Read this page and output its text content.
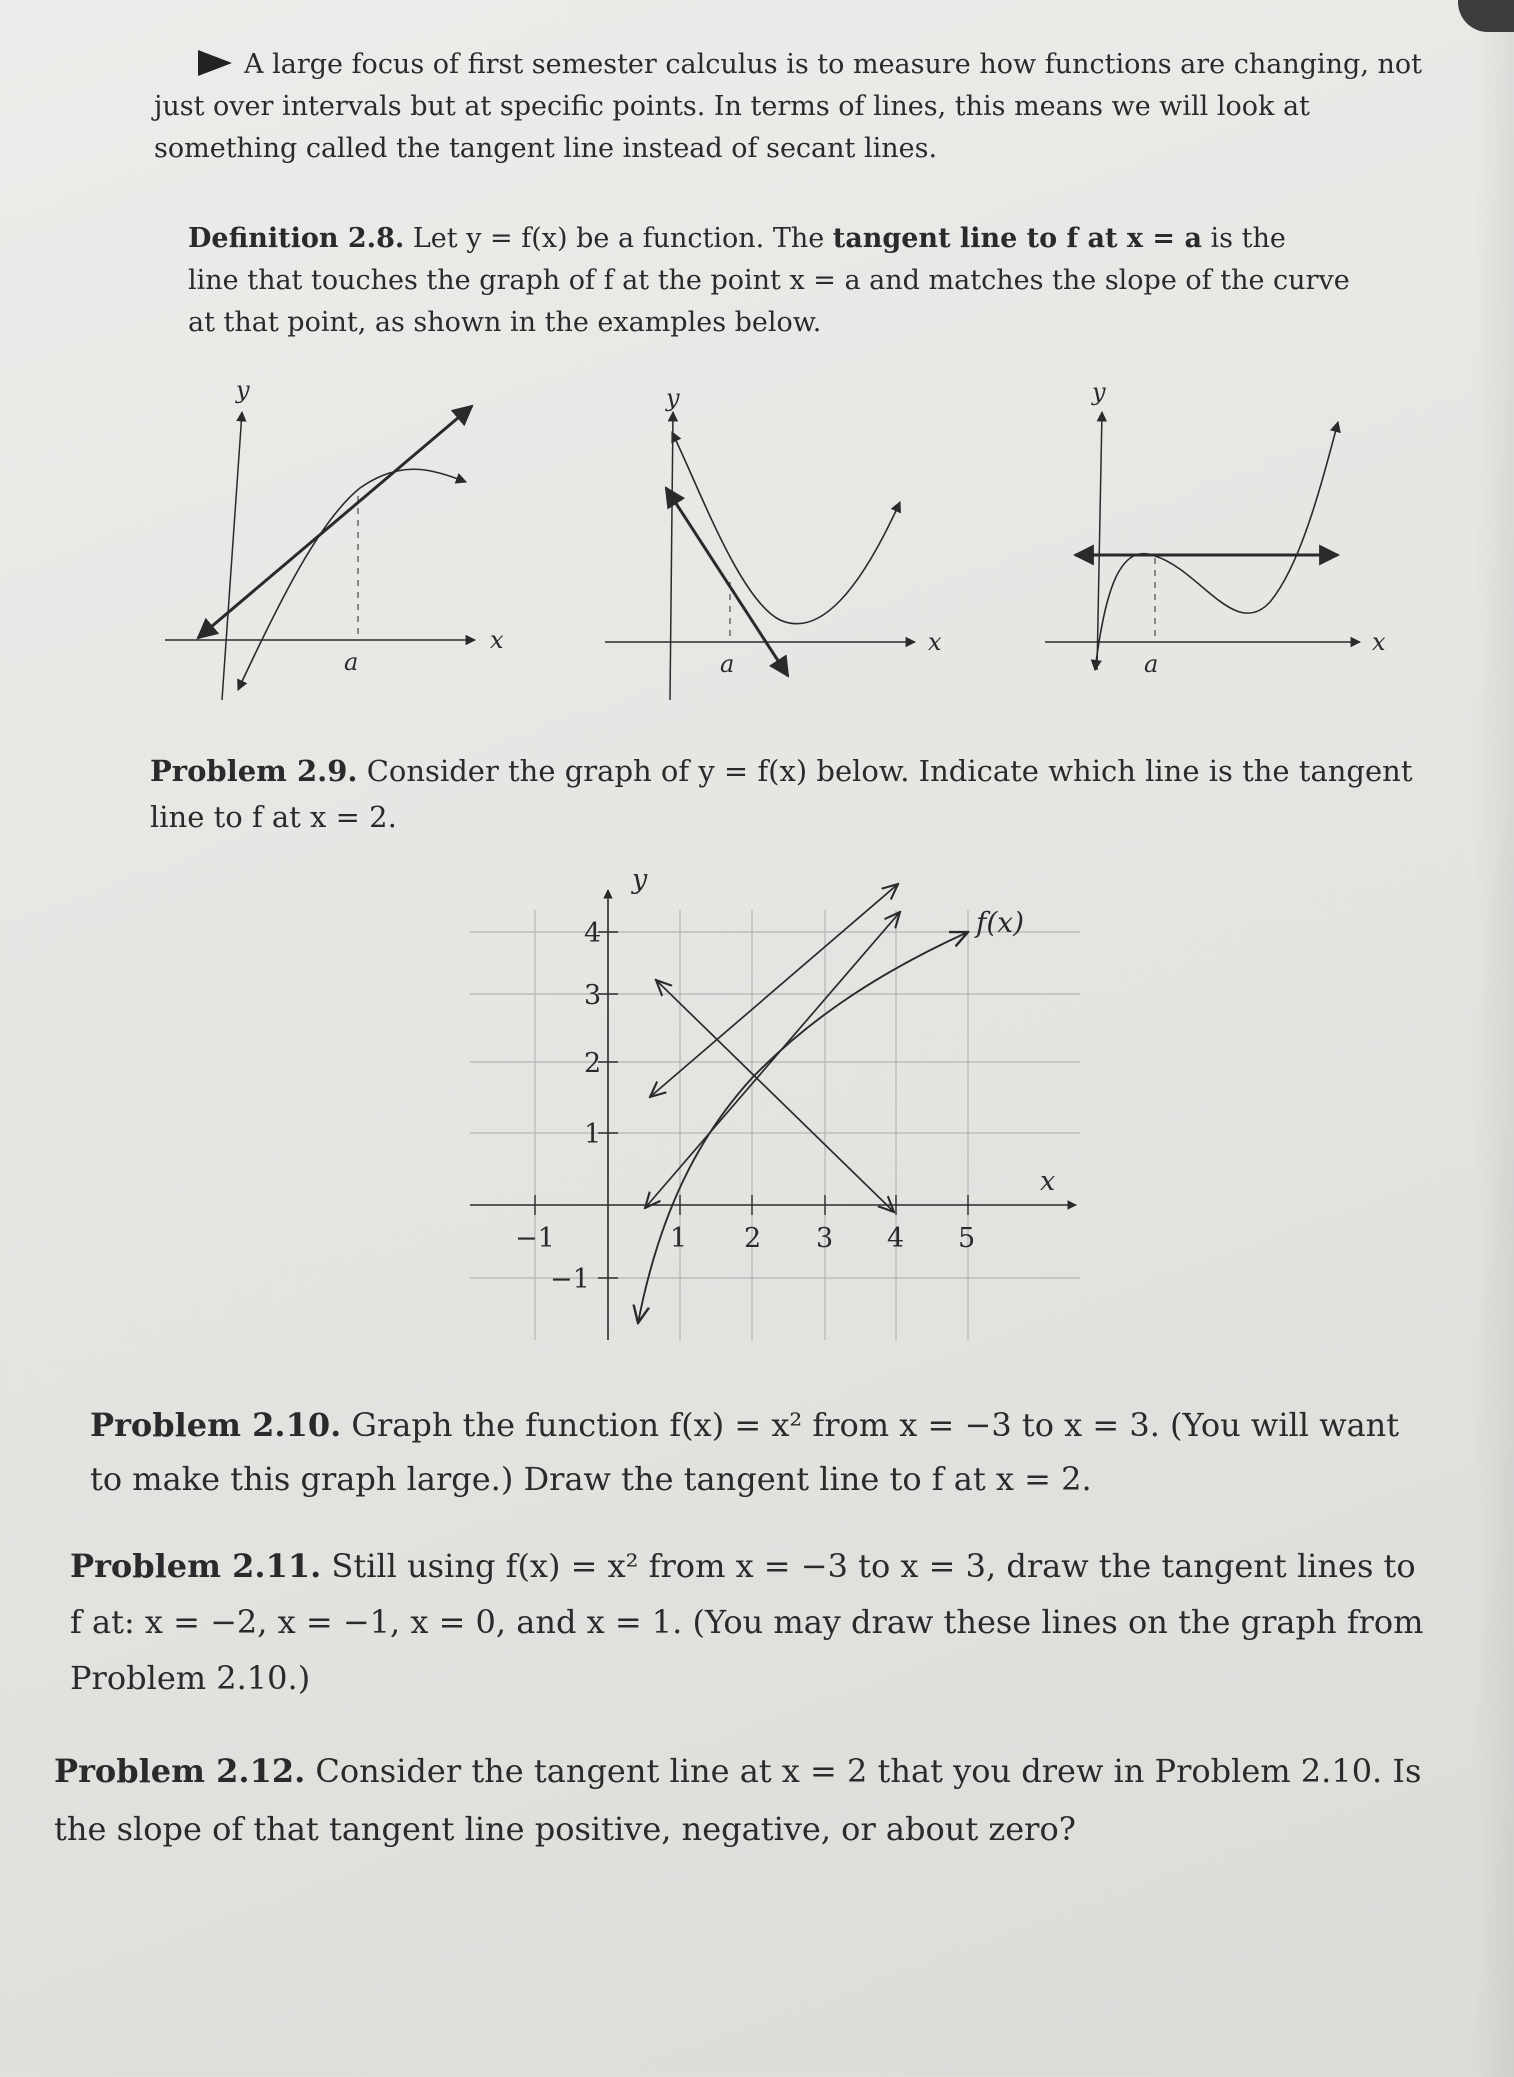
A large focus of first semester calculus is to measure how functions are changing, not
just over intervals but at specific points. In terms of lines, this means we will look at
something called the tangent line instead of secant lines.
Definition 2.8. Let y = f(x) be a function. The tangent line to f at x = a is the
line that touches the graph of f at the point x = a and matches the slope of the curve
at that point, as shown in the examples below.
y
x
a
y
x
a
y
x
a
Problem 2.9. Consider the graph of y = f(x) below. Indicate which line is the tangent
line to f at x = 2.
−1	1 2 3 4 5
4
3
2
1
−1
y
x
f(x)
Problem 2.10. Graph the function f(x) = x² from x = −3 to x = 3. (You will want
to make this graph large.) Draw the tangent line to f at x = 2.
Problem 2.11. Still using f(x) = x² from x = −3 to x = 3, draw the tangent lines to
f at: x = −2, x = −1, x = 0, and x = 1. (You may draw these lines on the graph from
Problem 2.10.)
Problem 2.12. Consider the tangent line at x = 2 that you drew in Problem 2.10. Is
the slope of that tangent line positive, negative, or about zero?
